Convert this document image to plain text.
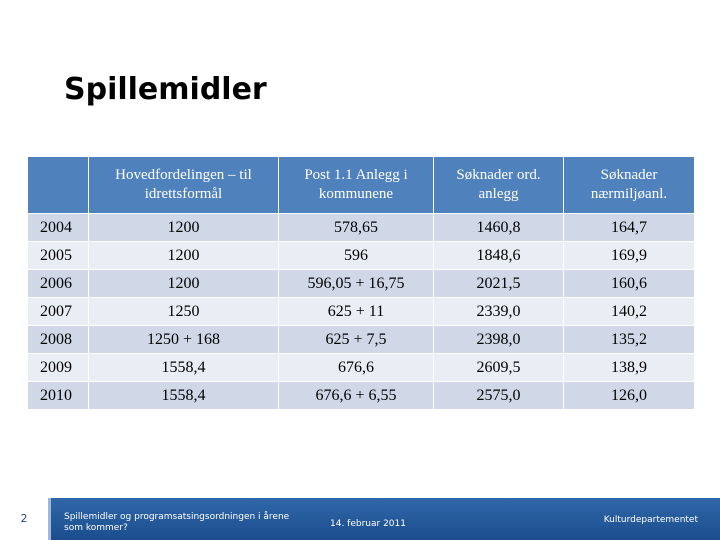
Spillemidler
	Hovedfordelingen – til idrettsformål	Post 1.1 Anlegg i kommunene	Søknader ord. anlegg	Søknader nærmiljøanl.
2004	1200	578,65	1460,8	164,7
2005	1200	596	1848,6	169,9
2006	1200	596,05 + 16,75	2021,5	160,6
2007	1250	625 + 11	2339,0	140,2
2008	1250 + 168	625 + 7,5	2398,0	135,2
2009	1558,4	676,6	2609,5	138,9
2010	1558,4	676,6 + 6,55	2575,0	126,0
2	Spillemidler og programsatsingsordningen i årene som kommer?	14. februar 2011	Kulturdepartementet
